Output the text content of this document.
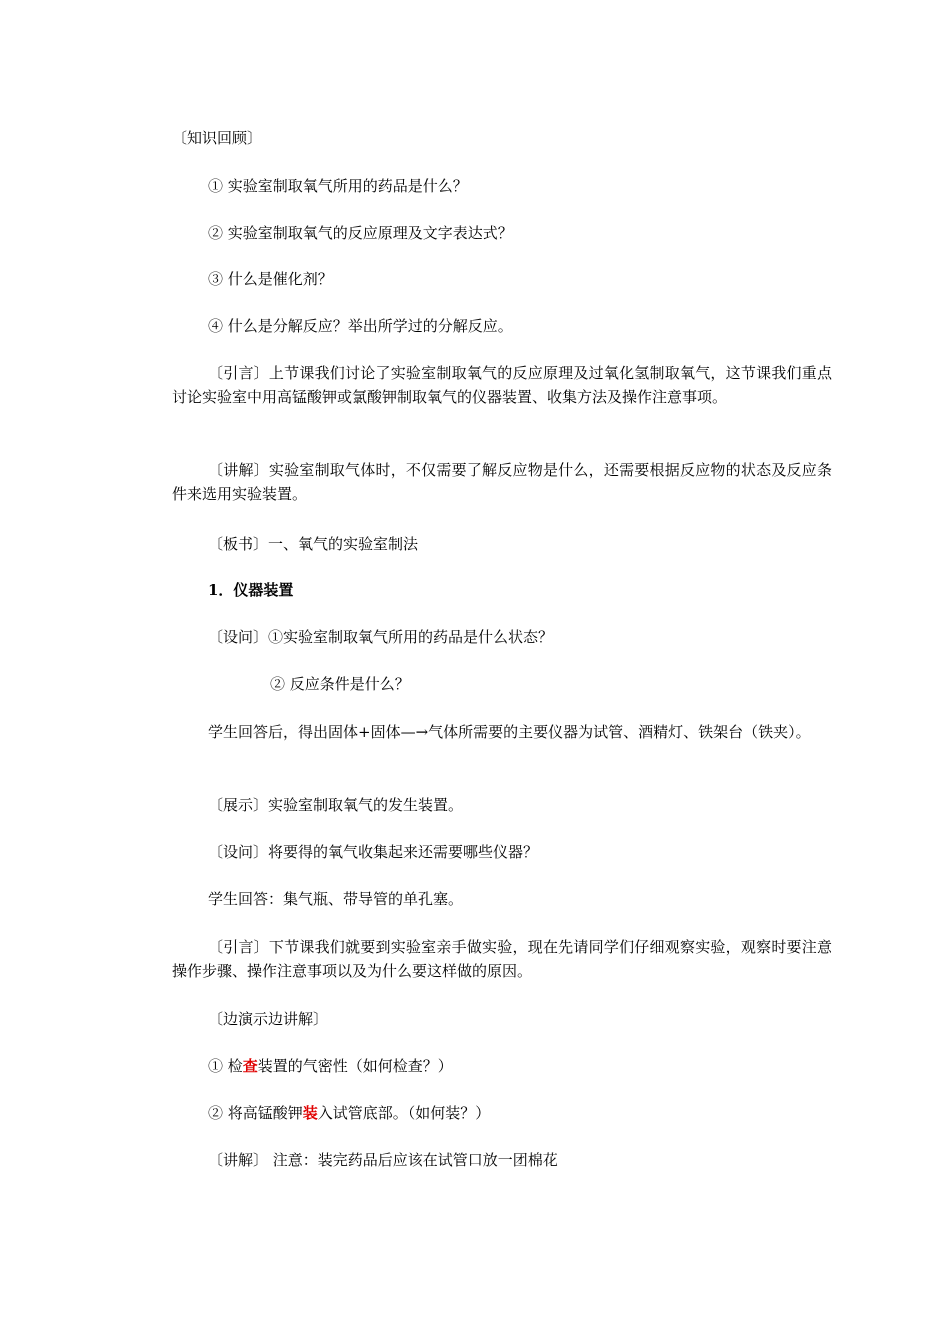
〔知识回顾〕
① 实验室制取氧气所用的药品是什么？
② 实验室制取氧气的反应原理及文字表达式？
③ 什么是催化剂？
④ 什么是分解反应？举出所学过的分解反应。
〔引言〕上节课我们讨论了实验室制取氧气的反应原理及过氧化氢制取氧气，这节课我们重点讨论实验室中用高锰酸钾或氯酸钾制取氧气的仪器装置、收集方法及操作注意事项。
〔讲解〕实验室制取气体时，不仅需要了解反应物是什么，还需要根据反应物的状态及反应条件来选用实验装置。
〔板书〕一、氧气的实验室制法
1．仪器装置
〔设问〕①实验室制取氧气所用的药品是什么状态？
② 反应条件是什么？
学生回答后，得出固体+固体—→气体所需要的主要仪器为试管、酒精灯、铁架台（铁夹）。
〔展示〕实验室制取氧气的发生装置。
〔设问〕将要得的氧气收集起来还需要哪些仪器？
学生回答：集气瓶、带导管的单孔塞。
〔引言〕下节课我们就要到实验室亲手做实验，现在先请同学们仔细观察实验，观察时要注意操作步骤、操作注意事项以及为什么要这样做的原因。
〔边演示边讲解〕
① 检查装置的气密性（如何检查？）
② 将高锰酸钾装入试管底部。（如何装？）
〔讲解〕 注意：装完药品后应该在试管口放一团棉花
